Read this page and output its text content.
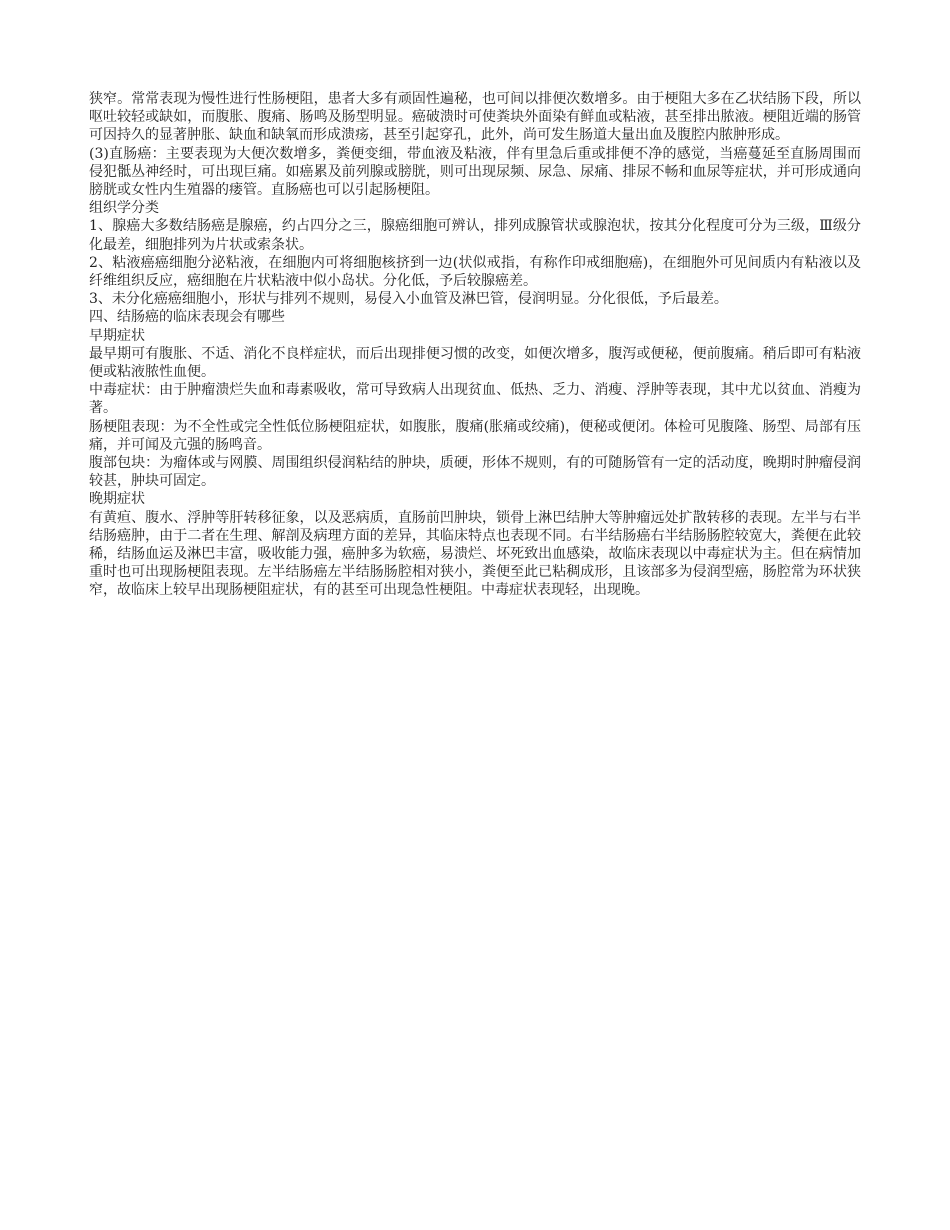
狭窄。常常表现为慢性进行性肠梗阻，患者大多有顽固性遍秘，也可间以排便次数增多。由于梗阻大多在乙状结肠下段，所以呕吐较轻或缺如，而腹胀、腹痛、肠鸣及肠型明显。癌破溃时可使粪块外面染有鲜血或粘液，甚至排出脓液。梗阻近端的肠管可因持久的显著肿胀、缺血和缺氧而形成溃疡，甚至引起穿孔，此外，尚可发生肠道大量出血及腹腔内脓肿形成。

(3)直肠癌：主要表现为大便次数增多，粪便变细，带血液及粘液，伴有里急后重或排便不净的感觉，当癌蔓延至直肠周围而侵犯骶丛神经时，可出现巨痛。如癌累及前列腺或膀胱，则可出现尿频、尿急、尿痛、排尿不畅和血尿等症状，并可形成通向膀胱或女性内生殖器的瘘管。直肠癌也可以引起肠梗阻。

组织学分类

1、腺癌大多数结肠癌是腺癌，约占四分之三，腺癌细胞可辨认，排列成腺管状或腺泡状，按其分化程度可分为三级，Ⅲ级分化最差，细胞排列为片状或索条状。

2、粘液癌癌细胞分泌粘液，在细胞内可将细胞核挤到一边(状似戒指，有称作印戒细胞癌)，在细胞外可见间质内有粘液以及纤维组织反应，癌细胞在片状粘液中似小岛状。分化低，予后较腺癌差。

3、未分化癌癌细胞小，形状与排列不规则，易侵入小血管及淋巴管，侵润明显。分化很低，予后最差。

四、结肠癌的临床表现会有哪些

早期症状

最早期可有腹胀、不适、消化不良样症状，而后出现排便习惯的改变，如便次增多，腹泻或便秘，便前腹痛。稍后即可有粘液便或粘液脓性血便。

中毒症状：由于肿瘤溃烂失血和毒素吸收，常可导致病人出现贫血、低热、乏力、消瘦、浮肿等表现，其中尤以贫血、消瘦为著。

肠梗阻表现：为不全性或完全性低位肠梗阻症状，如腹胀，腹痛(胀痛或绞痛)，便秘或便闭。体检可见腹隆、肠型、局部有压痛，并可闻及亢强的肠鸣音。

腹部包块：为瘤体或与网膜、周围组织侵润粘结的肿块，质硬，形体不规则，有的可随肠管有一定的活动度，晚期时肿瘤侵润较甚，肿块可固定。

晚期症状

有黄疸、腹水、浮肿等肝转移征象，以及恶病质，直肠前凹肿块，锁骨上淋巴结肿大等肿瘤远处扩散转移的表现。左半与右半结肠癌肿，由于二者在生理、解剖及病理方面的差异，其临床特点也表现不同。右半结肠癌右半结肠肠腔较宽大，粪便在此较稀，结肠血运及淋巴丰富，吸收能力强，癌肿多为软癌，易溃烂、坏死致出血感染，故临床表现以中毒症状为主。但在病情加重时也可出现肠梗阻表现。左半结肠癌左半结肠肠腔相对狭小，粪便至此已粘稠成形，且该部多为侵润型癌，肠腔常为环状狭窄，故临床上较早出现肠梗阻症状，有的甚至可出现急性梗阻。中毒症状表现轻，出现晚。
